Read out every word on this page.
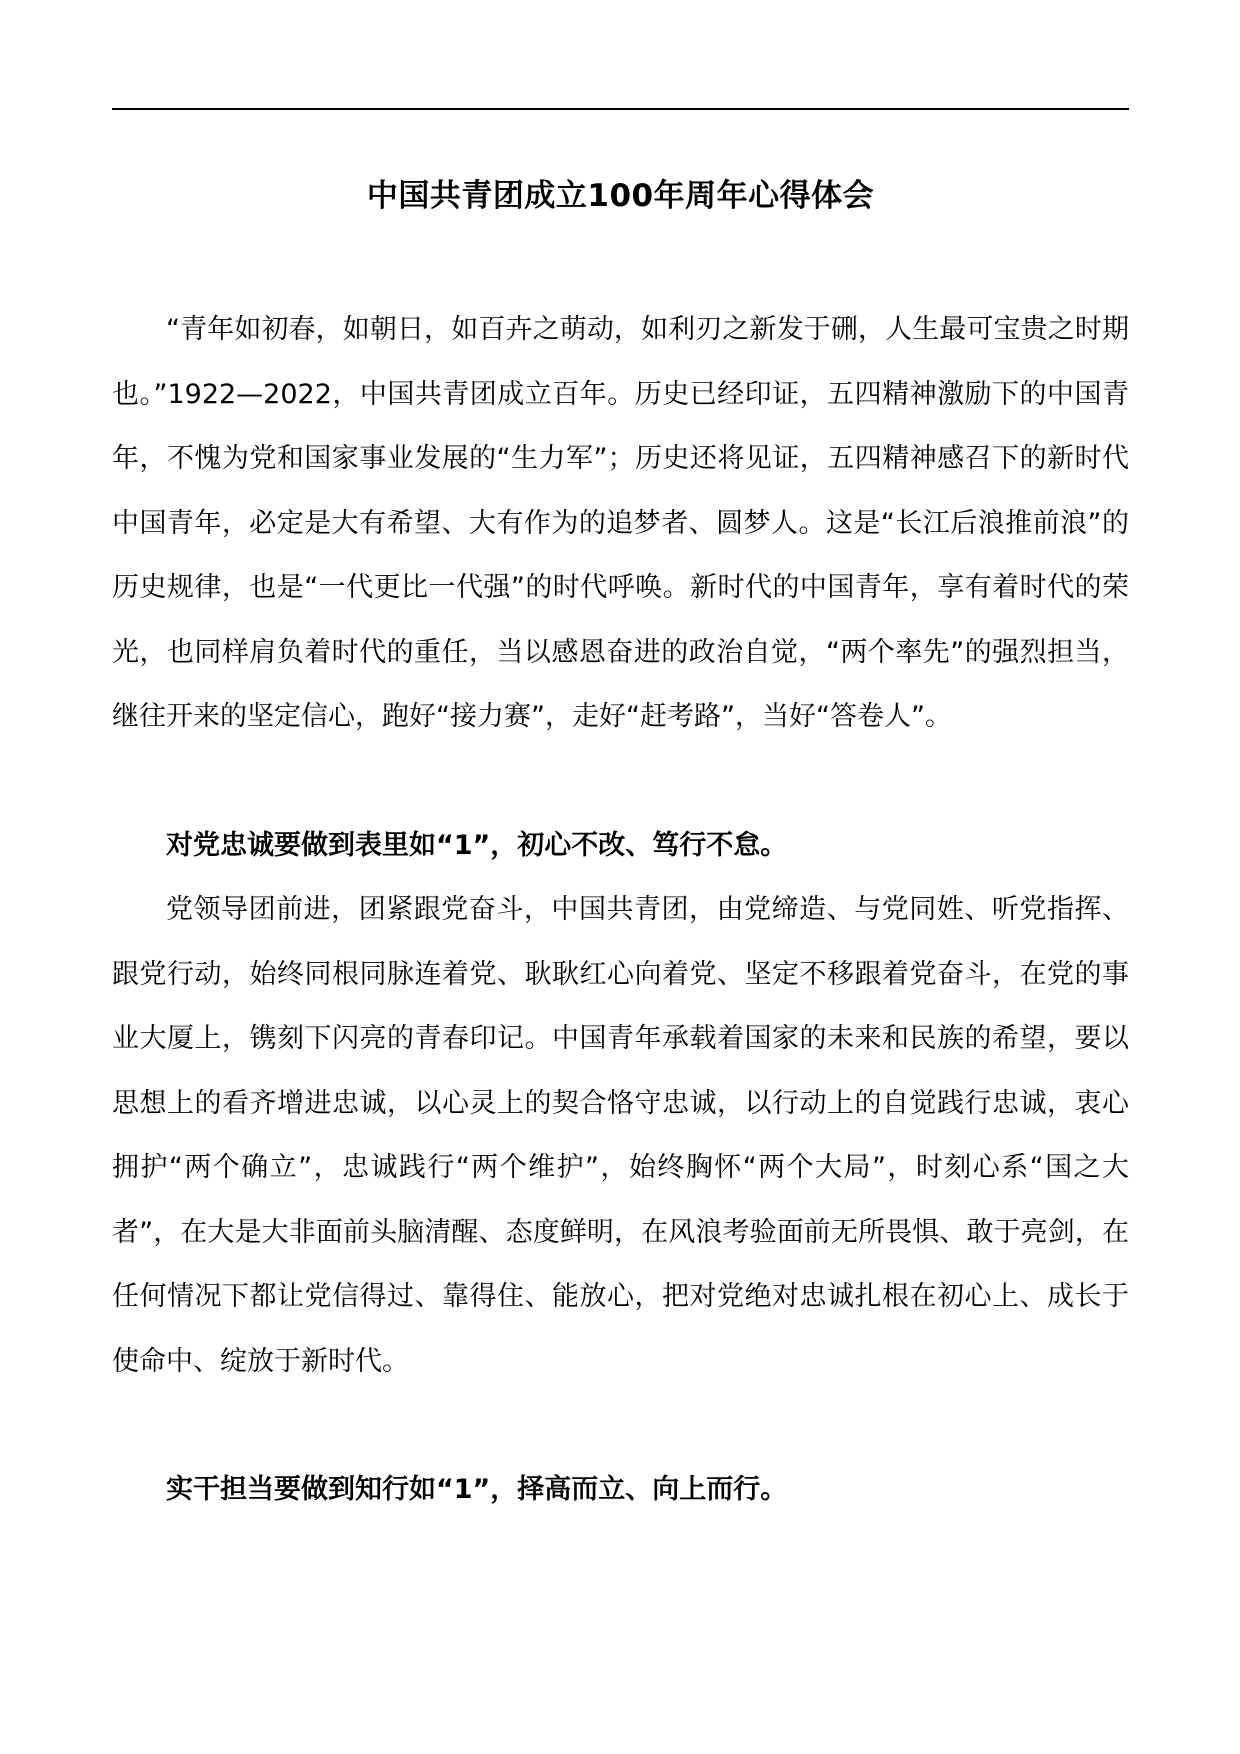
中国共青团成立100年周年心得体会

“青年如初春，如朝日，如百卉之萌动，如利刃之新发于硎，人生最可宝贵之时期也。”1922—2022，中国共青团成立百年。历史已经印证，五四精神激励下的中国青年，不愧为党和国家事业发展的“生力军”；历史还将见证，五四精神感召下的新时代中国青年，必定是大有希望、大有作为的追梦者、圆梦人。这是“长江后浪推前浪”的历史规律，也是“一代更比一代强”的时代呼唤。新时代的中国青年，享有着时代的荣光，也同样肩负着时代的重任，当以感恩奋进的政治自觉，“两个率先”的强烈担当，继往开来的坚定信心，跑好“接力赛”，走好“赶考路”，当好“答卷人”。

对党忠诚要做到表里如“1”，初心不改、笃行不怠。

党领导团前进，团紧跟党奋斗，中国共青团，由党缔造、与党同姓、听党指挥、跟党行动，始终同根同脉连着党、耿耿红心向着党、坚定不移跟着党奋斗，在党的事业大厦上，镌刻下闪亮的青春印记。中国青年承载着国家的未来和民族的希望，要以思想上的看齐增进忠诚，以心灵上的契合恪守忠诚，以行动上的自觉践行忠诚，衷心拥护“两个确立”，忠诚践行“两个维护”，始终胸怀“两个大局”，时刻心系“国之大者”，在大是大非面前头脑清醒、态度鲜明，在风浪考验面前无所畏惧、敢于亮剑，在任何情况下都让党信得过、靠得住、能放心，把对党绝对忠诚扎根在初心上、成长于使命中、绽放于新时代。

实干担当要做到知行如“1”，择高而立、向上而行。
